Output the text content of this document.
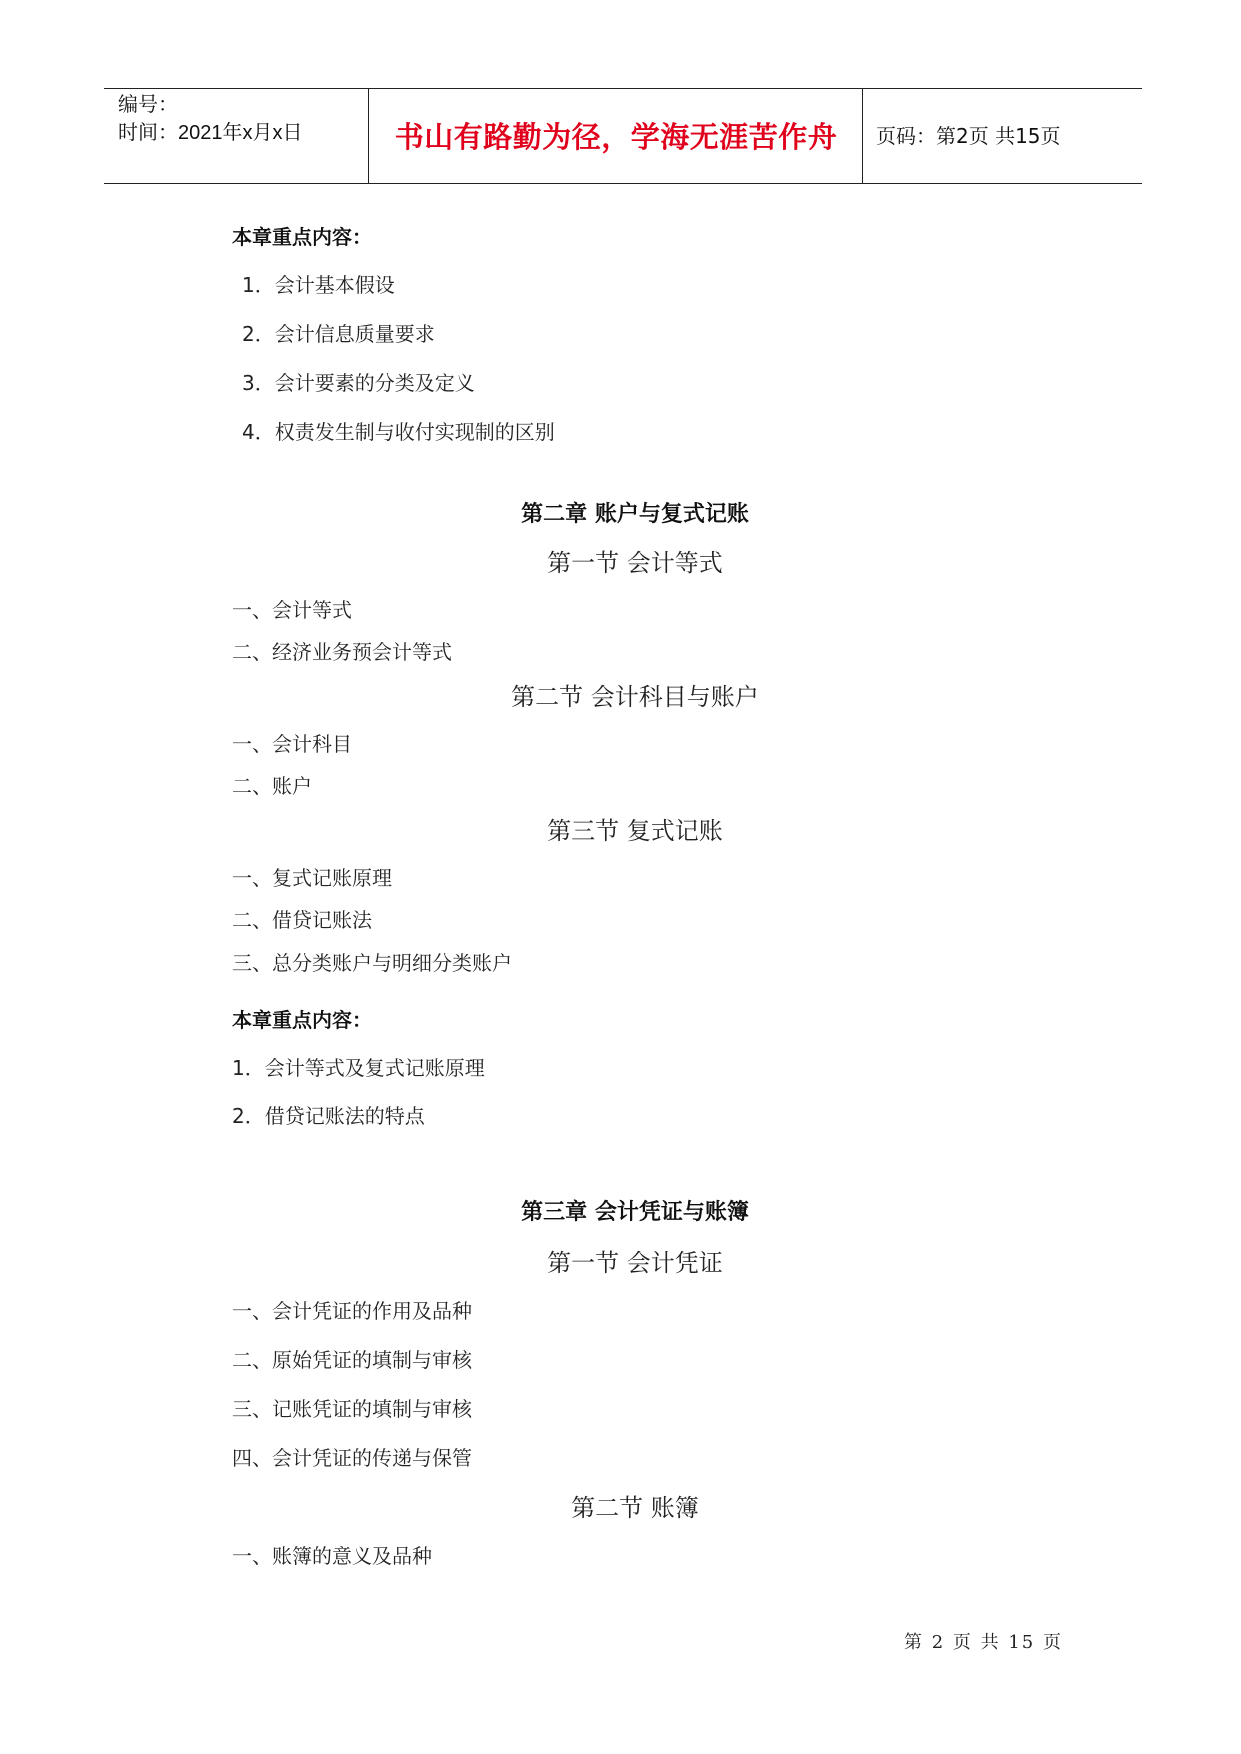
编号：
时间：2021年x月x日	书山有路勤为径，学海无涯苦作舟	页码：第2页 共15页
本章重点内容：
1．会计基本假设
2．会计信息质量要求
3．会计要素的分类及定义
4．权责发生制与收付实现制的区别
第二章 账户与复式记账
第一节 会计等式
一、会计等式
二、经济业务预会计等式
第二节 会计科目与账户
一、会计科目
二、账户
第三节 复式记账
一、复式记账原理
二、借贷记账法
三、总分类账户与明细分类账户
本章重点内容：
1．会计等式及复式记账原理
2．借贷记账法的特点
第三章 会计凭证与账簿
第一节 会计凭证
一、会计凭证的作用及品种
二、原始凭证的填制与审核
三、记账凭证的填制与审核
四、会计凭证的传递与保管
第二节 账簿
一、账簿的意义及品种
第 2 页 共 15 页
